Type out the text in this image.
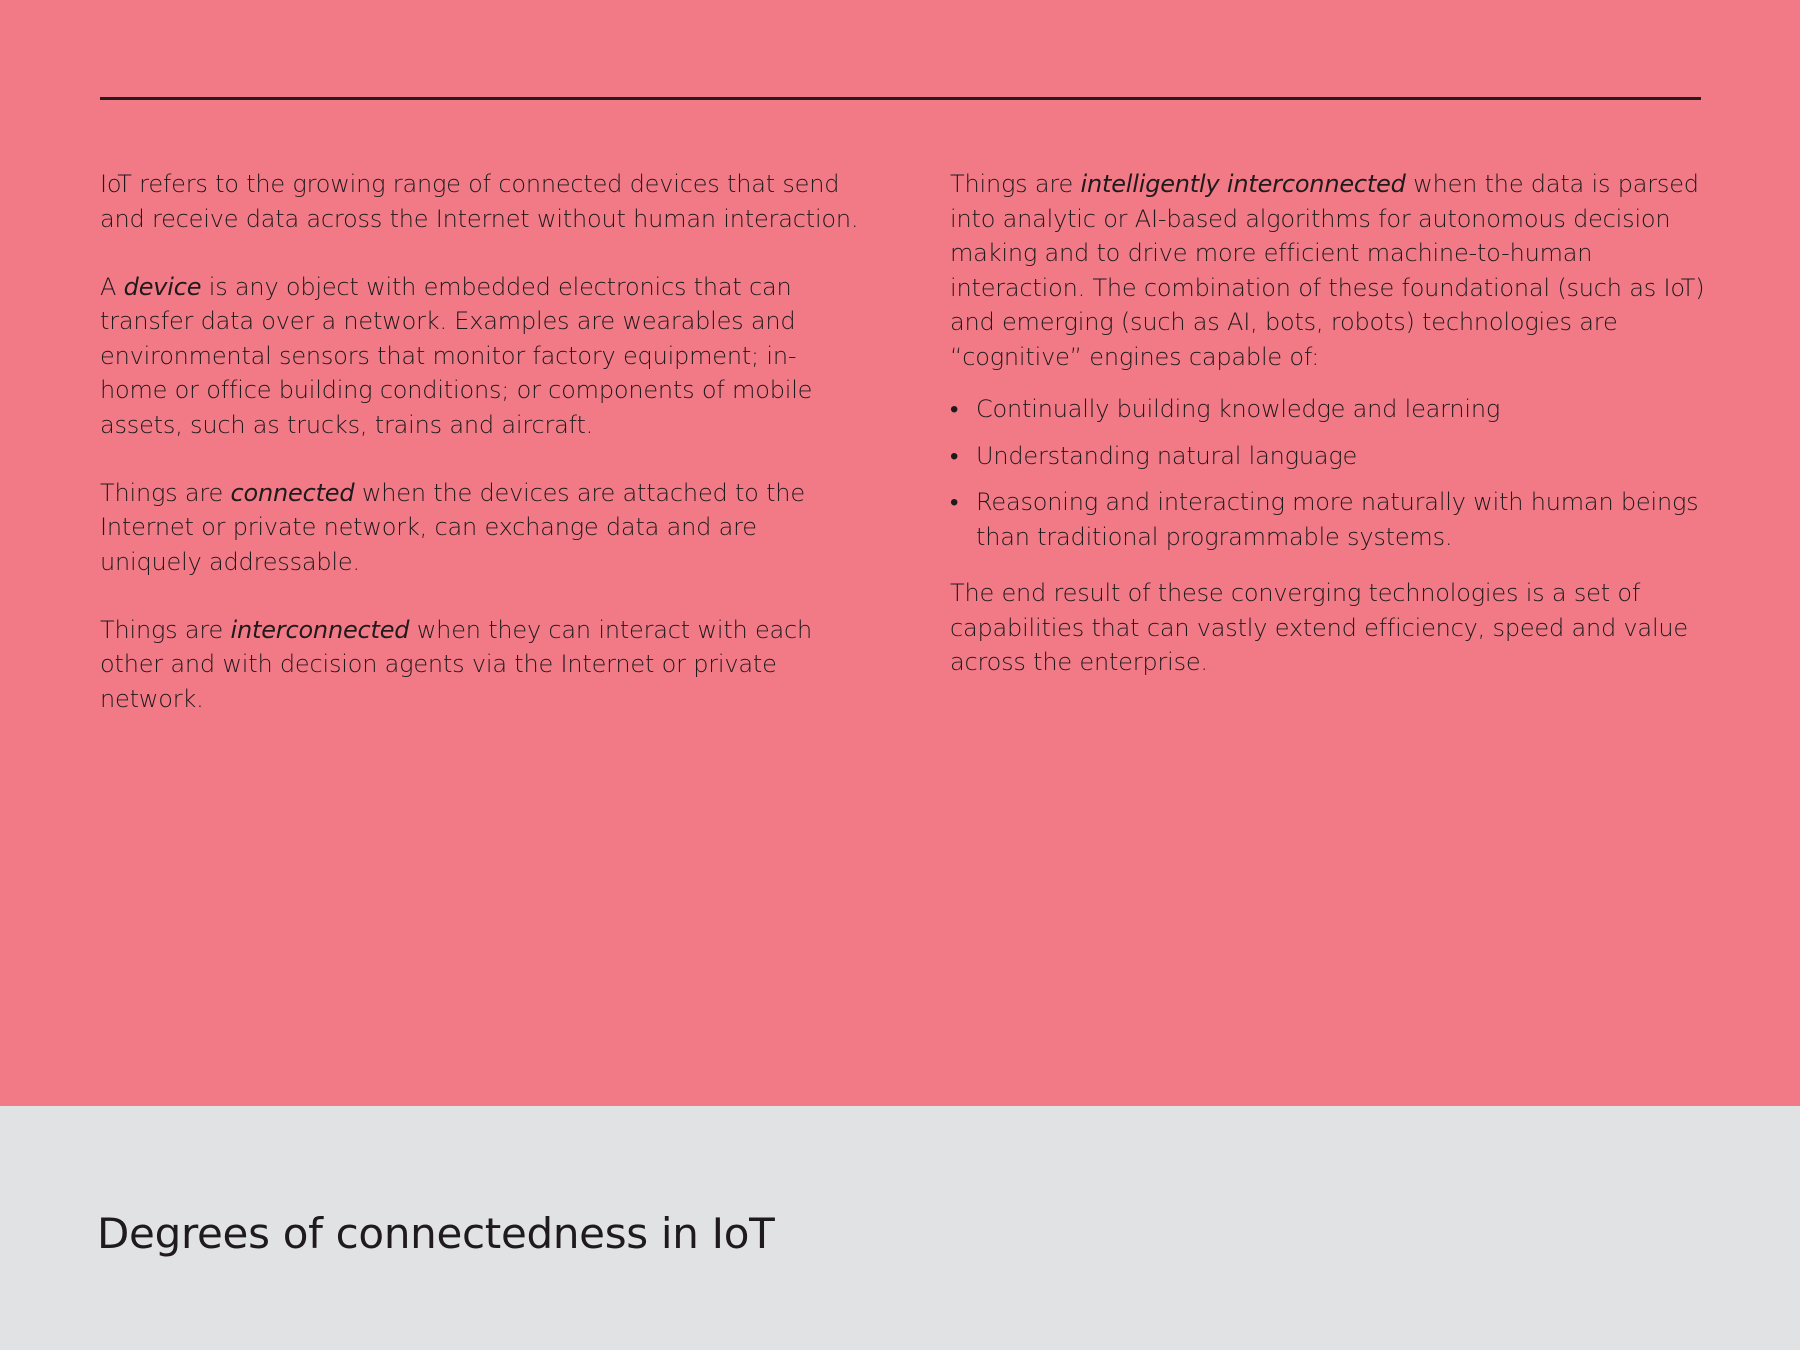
IoT refers to the growing range of connected devices that send and receive data across the Internet without human interaction.

A device is any object with embedded electronics that can transfer data over a network. Examples are wearables and environmental sensors that monitor factory equipment; in-home or office building conditions; or components of mobile assets, such as trucks, trains and aircraft.

Things are connected when the devices are attached to the Internet or private network, can exchange data and are uniquely addressable.

Things are interconnected when they can interact with each other and with decision agents via the Internet or private network.

Things are intelligently interconnected when the data is parsed into analytic or AI-based algorithms for autonomous decision making and to drive more efficient machine-to-human interaction. The combination of these foundational (such as IoT) and emerging (such as AI, bots, robots) technologies are “cognitive” engines capable of:

• Continually building knowledge and learning
• Understanding natural language
• Reasoning and interacting more naturally with human beings than traditional programmable systems.

The end result of these converging technologies is a set of capabilities that can vastly extend efficiency, speed and value across the enterprise.

Degrees of connectedness in IoT
